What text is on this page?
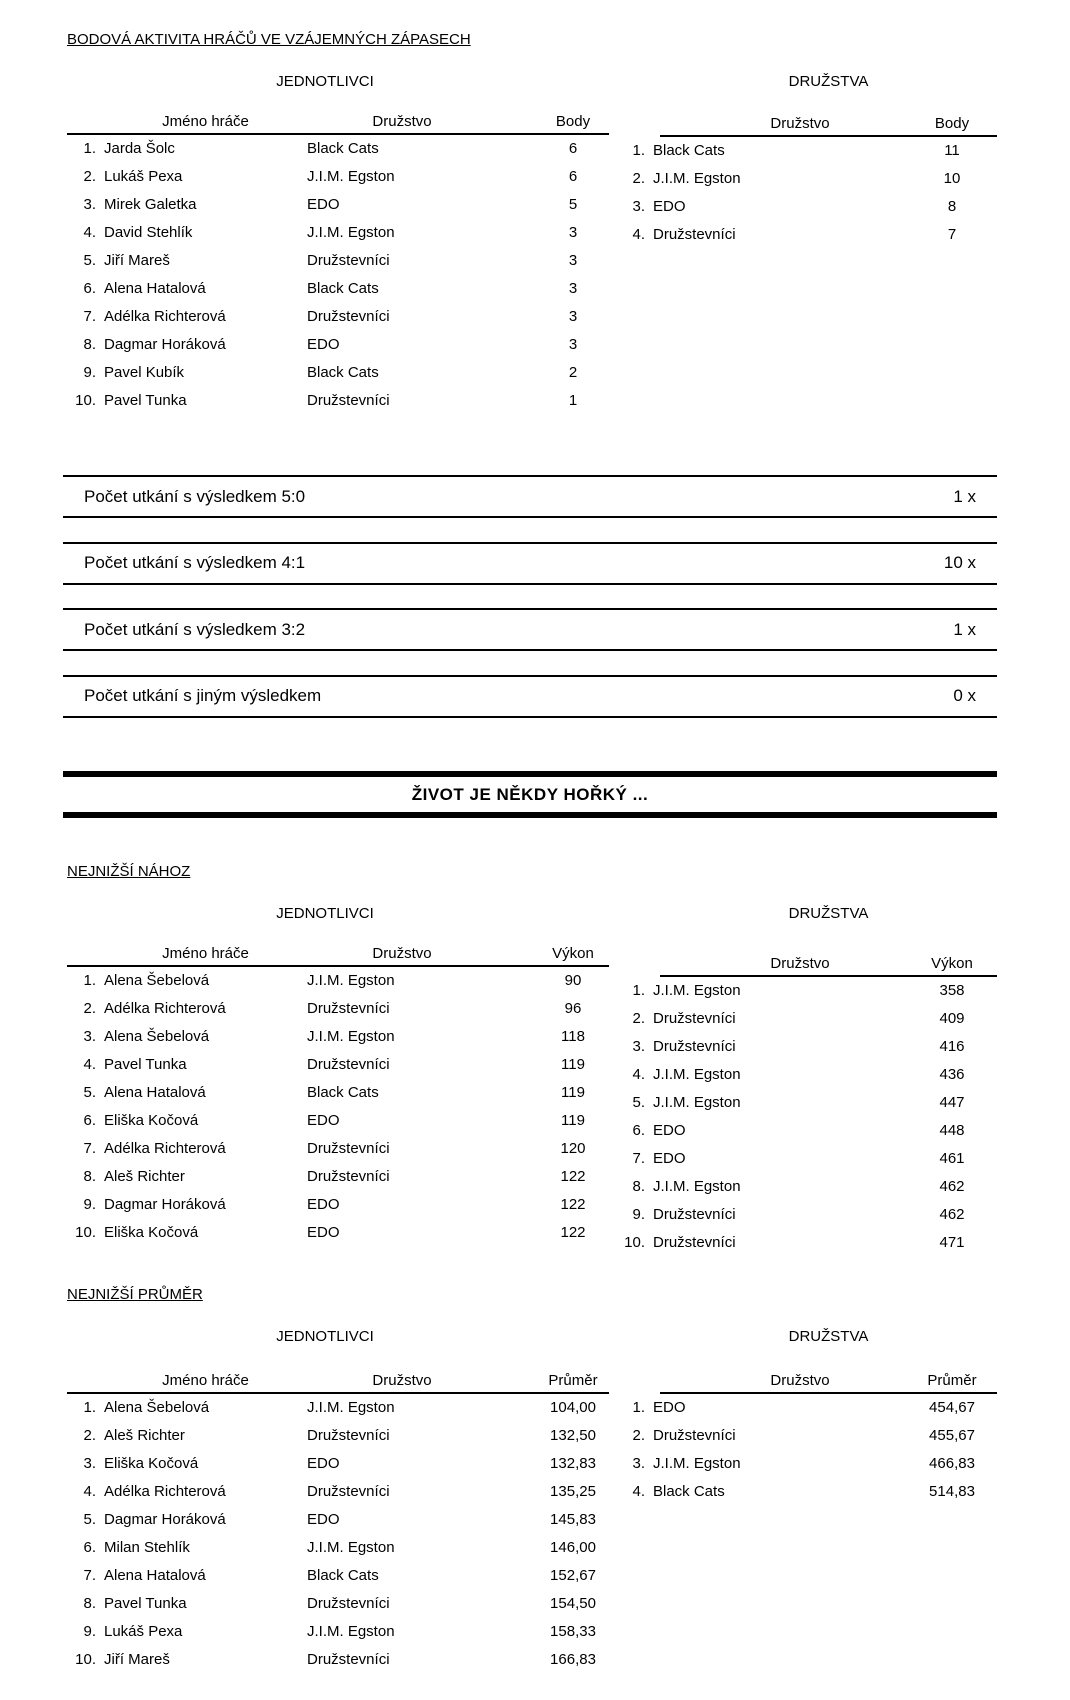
BODOVÁ AKTIVITA HRÁČŮ VE VZÁJEMNÝCH ZÁPASECH
JEDNOTLIVCI	DRUŽSTVA
Jméno hráče	Družstvo	Body
1. Jarda Šolc	Black Cats	6
2. Lukáš Pexa	J.I.M. Egston	6
3. Mirek Galetka	EDO	5
4. David Stehlík	J.I.M. Egston	3
5. Jiří Mareš	Družstevníci	3
6. Alena Hatalová	Black Cats	3
7. Adélka Richterová	Družstevníci	3
8. Dagmar Horáková	EDO	3
9. Pavel Kubík	Black Cats	2
10. Pavel Tunka	Družstevníci	1
Družstvo	Body
1. Black Cats	11
2. J.I.M. Egston	10
3. EDO	8
4. Družstevníci	7
Počet utkání s výsledkem 5:0	1 x
Počet utkání s výsledkem 4:1	10 x
Počet utkání s výsledkem 3:2	1 x
Počet utkání s jiným výsledkem	0 x
ŽIVOT JE NĚKDY HOŘKÝ ...
NEJNIŽŠÍ NÁHOZ
JEDNOTLIVCI	DRUŽSTVA
Jméno hráče	Družstvo	Výkon
1. Alena Šebelová	J.I.M. Egston	90
2. Adélka Richterová	Družstevníci	96
3. Alena Šebelová	J.I.M. Egston	118
4. Pavel Tunka	Družstevníci	119
5. Alena Hatalová	Black Cats	119
6. Eliška Kočová	EDO	119
7. Adélka Richterová	Družstevníci	120
8. Aleš Richter	Družstevníci	122
9. Dagmar Horáková	EDO	122
10. Eliška Kočová	EDO	122
Družstvo	Výkon
1. J.I.M. Egston	358
2. Družstevníci	409
3. Družstevníci	416
4. J.I.M. Egston	436
5. J.I.M. Egston	447
6. EDO	448
7. EDO	461
8. J.I.M. Egston	462
9. Družstevníci	462
10. Družstevníci	471
NEJNIŽŠÍ PRŮMĚR
JEDNOTLIVCI	DRUŽSTVA
Jméno hráče	Družstvo	Průměr
1. Alena Šebelová	J.I.M. Egston	104,00
2. Aleš Richter	Družstevníci	132,50
3. Eliška Kočová	EDO	132,83
4. Adélka Richterová	Družstevníci	135,25
5. Dagmar Horáková	EDO	145,83
6. Milan Stehlík	J.I.M. Egston	146,00
7. Alena Hatalová	Black Cats	152,67
8. Pavel Tunka	Družstevníci	154,50
9. Lukáš Pexa	J.I.M. Egston	158,33
10. Jiří Mareš	Družstevníci	166,83
Družstvo	Průměr
1. EDO	454,67
2. Družstevníci	455,67
3. J.I.M. Egston	466,83
4. Black Cats	514,83
